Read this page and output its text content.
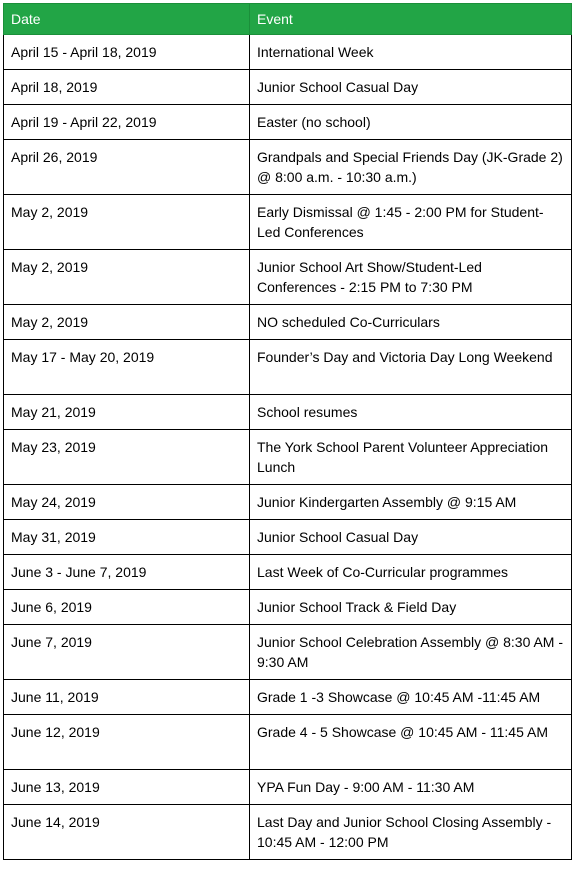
Date	Event
April 15 - April 18, 2019	International Week
April 18, 2019	Junior School Casual Day
April 19 - April 22, 2019	Easter (no school)
April 26, 2019	Grandpals and Special Friends Day (JK-Grade 2) @ 8:00 a.m. - 10:30 a.m.)
May 2, 2019	Early Dismissal @ 1:45 - 2:00 PM for Student-Led Conferences
May 2, 2019	Junior School Art Show/Student-Led Conferences - 2:15 PM to 7:30 PM
May 2, 2019	NO scheduled Co-Curriculars
May 17 - May 20, 2019	Founder’s Day and Victoria Day Long Weekend
May 21, 2019	School resumes
May 23, 2019	The York School Parent Volunteer Appreciation Lunch
May 24, 2019	Junior Kindergarten Assembly @ 9:15 AM
May 31, 2019	Junior School Casual Day
June 3 - June 7, 2019	Last Week of Co-Curricular programmes
June 6, 2019	Junior School Track & Field Day
June 7, 2019	Junior School Celebration Assembly @ 8:30 AM - 9:30 AM
June 11, 2019	Grade 1 -3 Showcase @ 10:45 AM -11:45 AM
June 12, 2019	Grade 4 - 5 Showcase @ 10:45 AM - 11:45 AM
June 13, 2019	YPA Fun Day - 9:00 AM - 11:30 AM
June 14, 2019	Last Day and Junior School Closing Assembly - 10:45 AM - 12:00 PM
